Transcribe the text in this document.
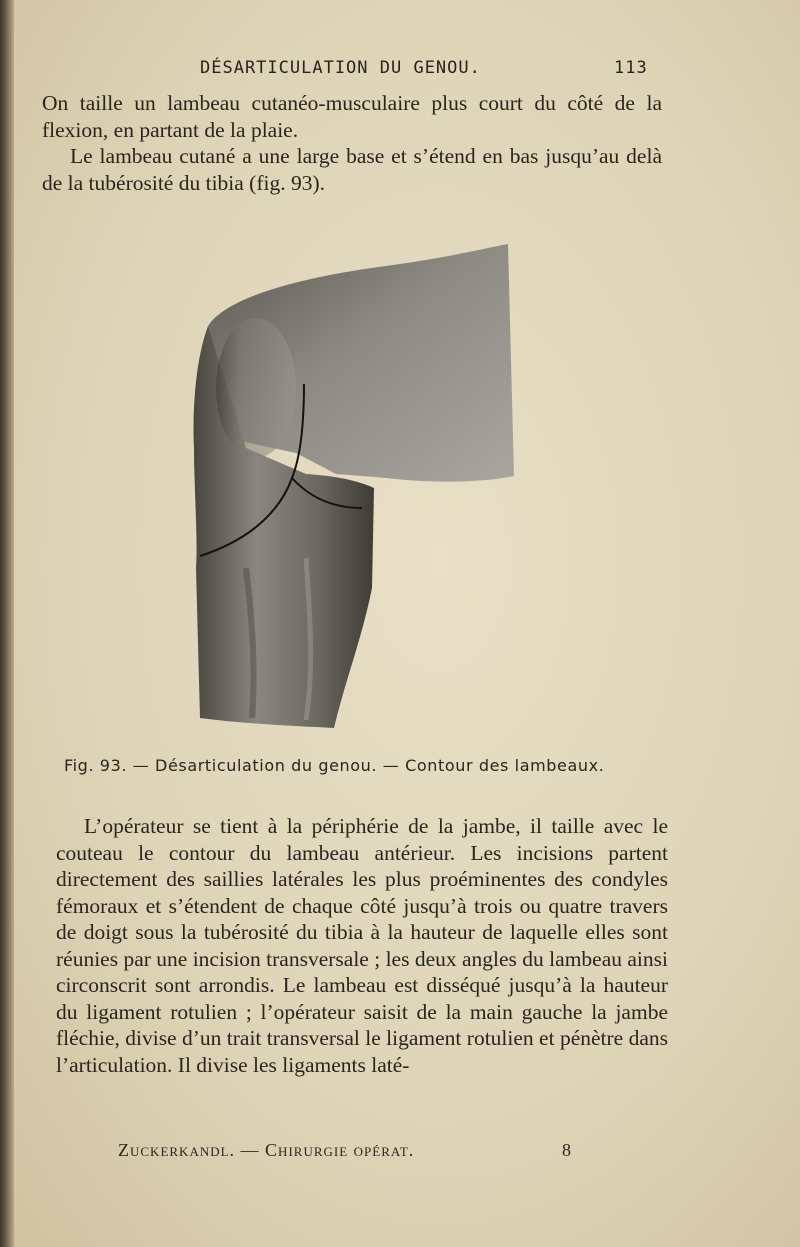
DÉSARTICULATION DU GENOU.	113

On taille un lambeau cutanéo-musculaire plus court du côté de la flexion, en partant de la plaie.

Le lambeau cutané a une large base et s’étend en bas jusqu’au delà de la tubérosité du tibia (fig. 93).

Fig. 93. — Désarticulation du genou. — Contour des lambeaux.
L’opérateur se tient à la périphérie de la jambe, il taille avec le couteau le contour du lambeau antérieur. Les incisions partent directement des saillies latérales les plus proéminentes des condyles fémoraux et s’étendent de chaque côté jusqu’à trois ou quatre travers de doigt sous la tubérosité du tibia à la hauteur de laquelle elles sont réunies par une incision transversale ; les deux angles du lambeau ainsi circonscrit sont arrondis. Le lambeau est disséqué jusqu’à la hauteur du ligament rotulien ; l’opérateur saisit de la main gauche la jambe fléchie, divise d’un trait transversal le ligament rotulien et pénètre dans l’articulation. Il divise les ligaments laté-
Zuckerkandl. — Chirurgie opérat.	8
